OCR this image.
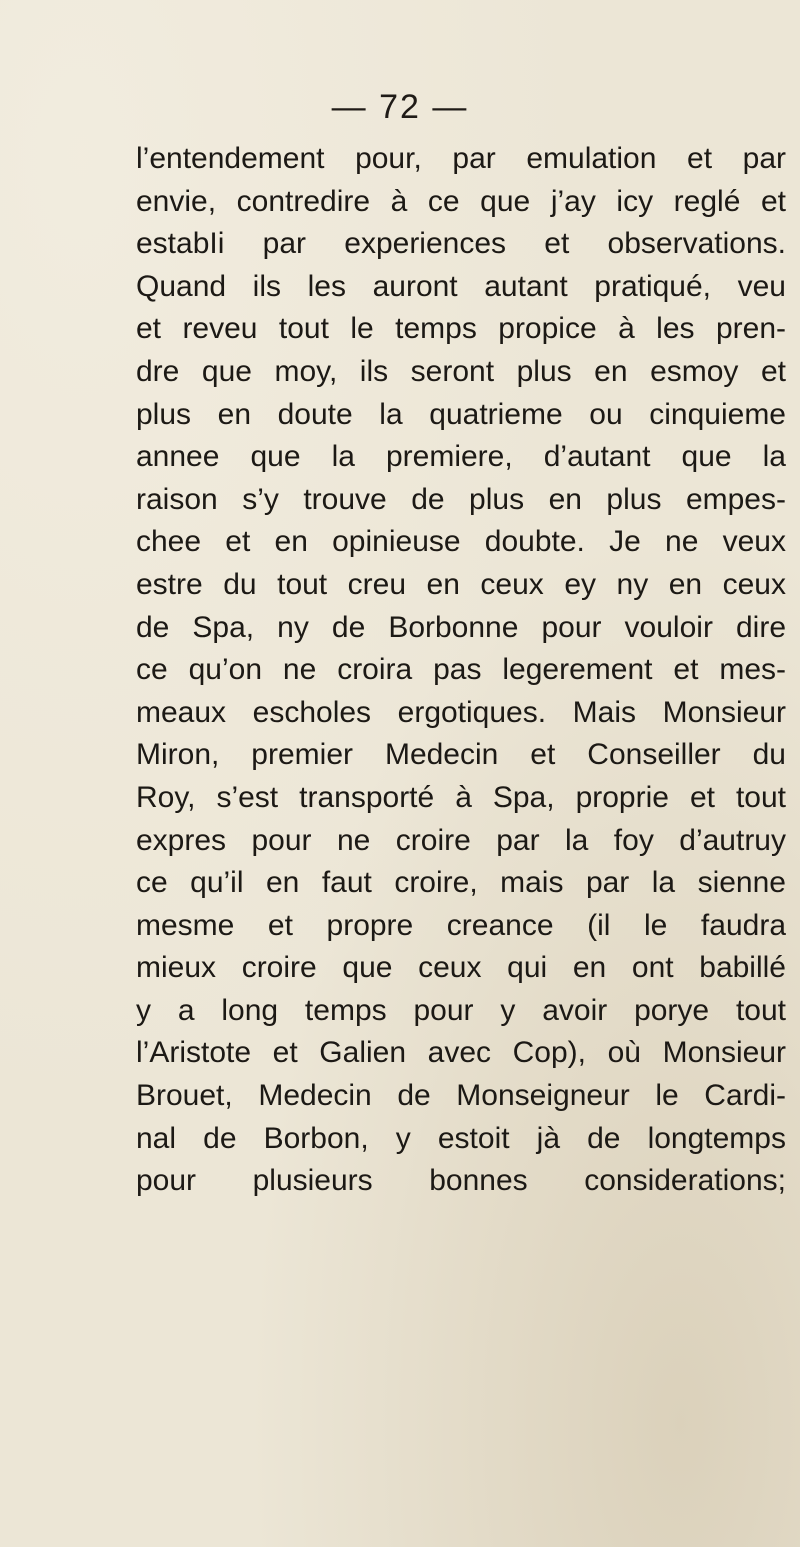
— 72 —
l’entendement pour, par emulation et par
envie, contredire à ce que j’ay icy reglé et
estabIi par experiences et observations.
Quand ils les auront autant pratiqué, veu
et reveu tout le temps propice à les pren-
dre que moy, ils seront plus en esmoy et
plus en doute la quatrieme ou cinquieme
annee que la premiere, d’autant que la
raison s’y trouve de plus en plus empes-
chee et en opinieuse doubte. Je ne veux
estre du tout creu en ceux ey ny en ceux
de Spa, ny de Borbonne pour vouloir dire
ce qu’on ne croira pas legerement et mes-
meaux escholes ergotiques. Mais Monsieur
Miron, premier Medecin et Conseiller du
Roy, s’est transporté à Spa, proprie et tout
expres pour ne croire par la foy d’autruy
ce qu’il en faut croire, mais par la sienne
mesme et propre creance (il le faudra
mieux croire que ceux qui en ont babillé
y a long temps pour y avoir porye tout
l’Aristote et Galien avec Cop), où Monsieur
Brouet, Medecin de Monseigneur le Cardi-
nal de Borbon, y estoit jà de longtemps
pour plusieurs bonnes considerations;
